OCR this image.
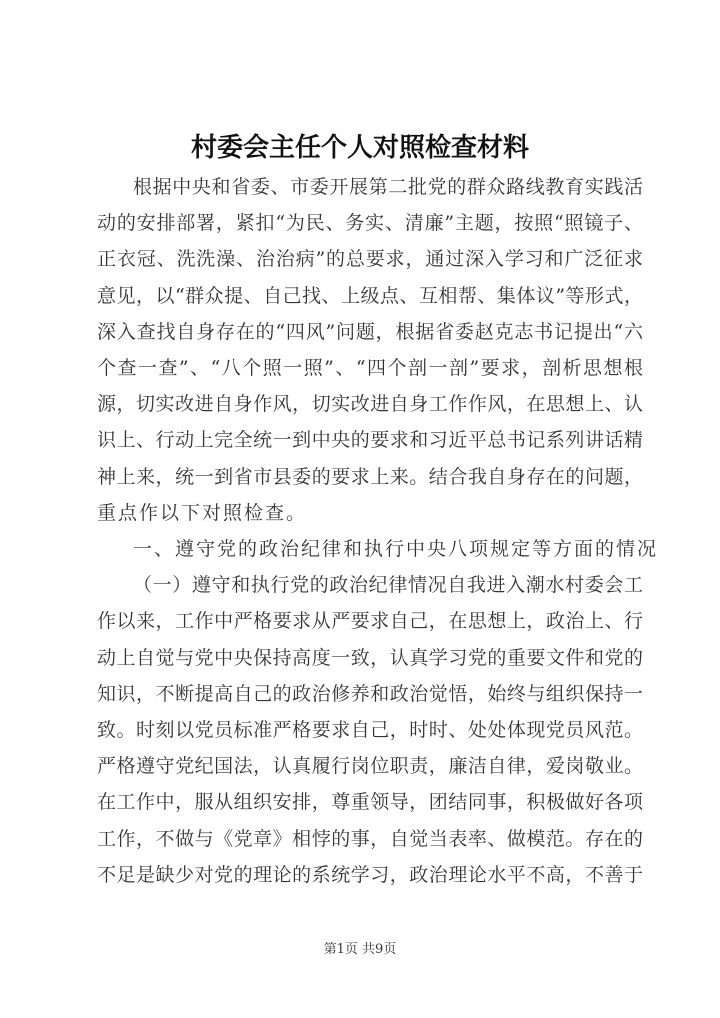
村委会主任个人对照检查材料
根据中央和省委、市委开展第二批党的群众路线教育实践活
动的安排部署，紧扣“为民、务实、清廉”主题，按照“照镜子、
正衣冠、洗洗澡、治治病”的总要求，通过深入学习和广泛征求
意见，以“群众提、自己找、上级点、互相帮、集体议”等形式，
深入查找自身存在的“四风”问题，根据省委赵克志书记提出“六
个查一查”、“八个照一照”、“四个剖一剖”要求，剖析思想根
源，切实改进自身作风，切实改进自身工作作风，在思想上、认
识上、行动上完全统一到中央的要求和习近平总书记系列讲话精
神上来，统一到省市县委的要求上来。结合我自身存在的问题，
重点作以下对照检查。
一、遵守党的政治纪律和执行中央八项规定等方面的情况
（一）遵守和执行党的政治纪律情况自我进入潮水村委会工
作以来，工作中严格要求从严要求自己，在思想上，政治上、行
动上自觉与党中央保持高度一致，认真学习党的重要文件和党的
知识，不断提高自己的政治修养和政治觉悟，始终与组织保持一
致。时刻以党员标准严格要求自己，时时、处处体现党员风范。
严格遵守党纪国法，认真履行岗位职责，廉洁自律，爱岗敬业。
在工作中，服从组织安排，尊重领导，团结同事，积极做好各项
工作，不做与《党章》相悖的事，自觉当表率、做模范。存在的
不足是缺少对党的理论的系统学习，政治理论水平不高，不善于
第1页 共9页
